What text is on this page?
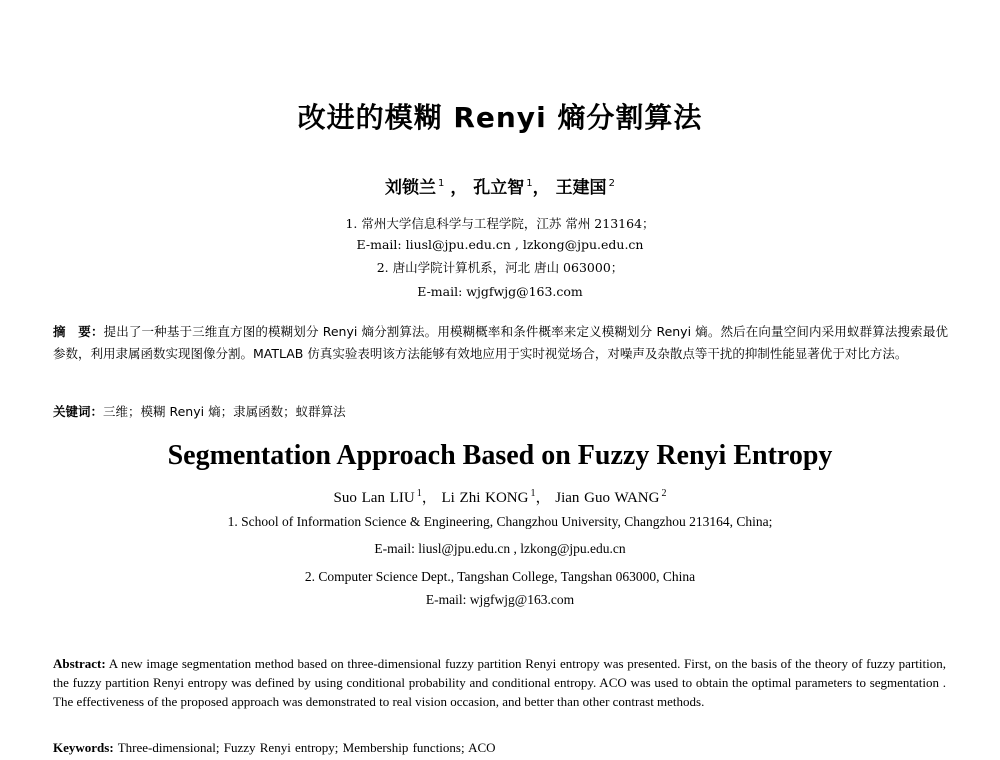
改进的模糊 Renyi 熵分割算法
刘锁兰 $^1$ ， 孔立智 $^1$， 王建国 $^2$
1. 常州大学信息科学与工程学院，江苏 常州 213164；
E-mail: liusl@jpu.edu.cn , lzkong@jpu.edu.cn
2. 唐山学院计算机系，河北 唐山 063000；
E-mail: wjgfwjg@163.com
摘　要：提出了一种基于三维直方图的模糊划分 Renyi 熵分割算法。用模糊概率和条件概率来定义模糊划分 Renyi 熵。然后在向量空间内采用蚁群算法搜索最优参数，利用隶属函数实现图像分割。MATLAB 仿真实验表明该方法能够有效地应用于实时视觉场合，对噪声及杂散点等干扰的抑制性能显著优于对比方法。
关键词：三维；模糊 Renyi 熵；隶属函数；蚁群算法
Segmentation Approach Based on Fuzzy Renyi Entropy
Suo Lan LIU $^1$， Li Zhi KONG $^1$， Jian Guo WANG $^2$
1. School of Information Science & Engineering, Changzhou University, Changzhou 213164, China;
E-mail: liusl@jpu.edu.cn , lzkong@jpu.edu.cn
2. Computer Science Dept., Tangshan College, Tangshan 063000, China
E-mail: wjgfwjg@163.com
Abstract: A new image segmentation method based on three-dimensional fuzzy partition Renyi entropy was presented. First, on the basis of the theory of fuzzy partition, the fuzzy partition Renyi entropy was defined by using conditional probability and conditional entropy. ACO was used to obtain the optimal parameters to segmentation . The effectiveness of the proposed approach was demonstrated to real vision occasion, and better than other contrast methods.
Keywords: Three-dimensional; Fuzzy Renyi entropy; Membership functions; ACO
